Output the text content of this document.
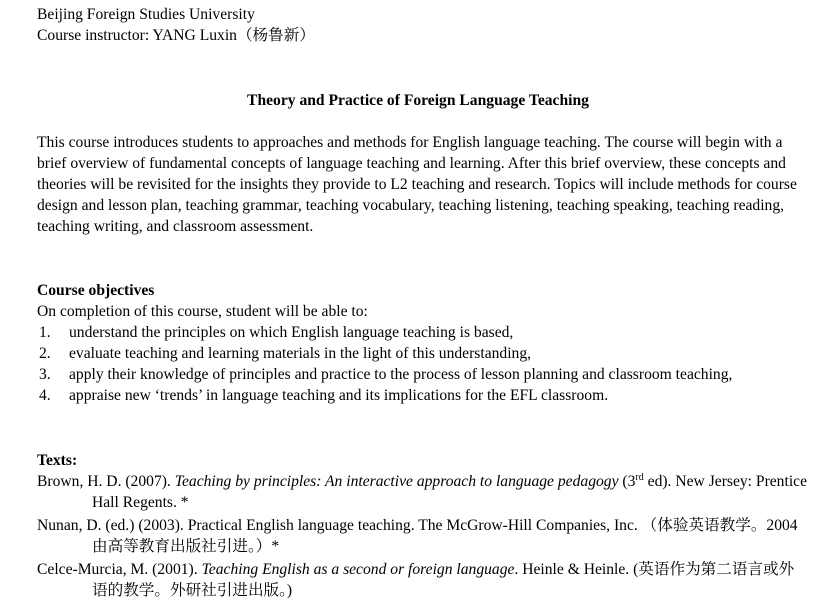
Beijing Foreign Studies University
Course instructor: YANG Luxin（杨鲁新）
Theory and Practice of Foreign Language Teaching
This course introduces students to approaches and methods for English language teaching. The course will begin with a brief overview of fundamental concepts of language teaching and learning. After this brief overview, these concepts and theories will be revisited for the insights they provide to L2 teaching and research. Topics will include methods for course design and lesson plan, teaching grammar, teaching vocabulary, teaching listening, teaching speaking, teaching reading, teaching writing, and classroom assessment.
Course objectives
On completion of this course, student will be able to:
1. understand the principles on which English language teaching is based,
2. evaluate teaching and learning materials in the light of this understanding,
3. apply their knowledge of principles and practice to the process of lesson planning and classroom teaching,
4. appraise new ‘trends’ in language teaching and its implications for the EFL classroom.
Texts:
Brown, H. D. (2007). Teaching by principles: An interactive approach to language pedagogy (3rd ed). New Jersey: Prentice Hall Regents. *
Nunan, D. (ed.) (2003). Practical English language teaching. The McGrow-Hill Companies, Inc. （体验英语教学。2004 由高等教育出版社引进。）*
Celce-Murcia, M. (2001). Teaching English as a second or foreign language. Heinle & Heinle. (英语作为第二语言或外语的教学。外研社引进出版。)
